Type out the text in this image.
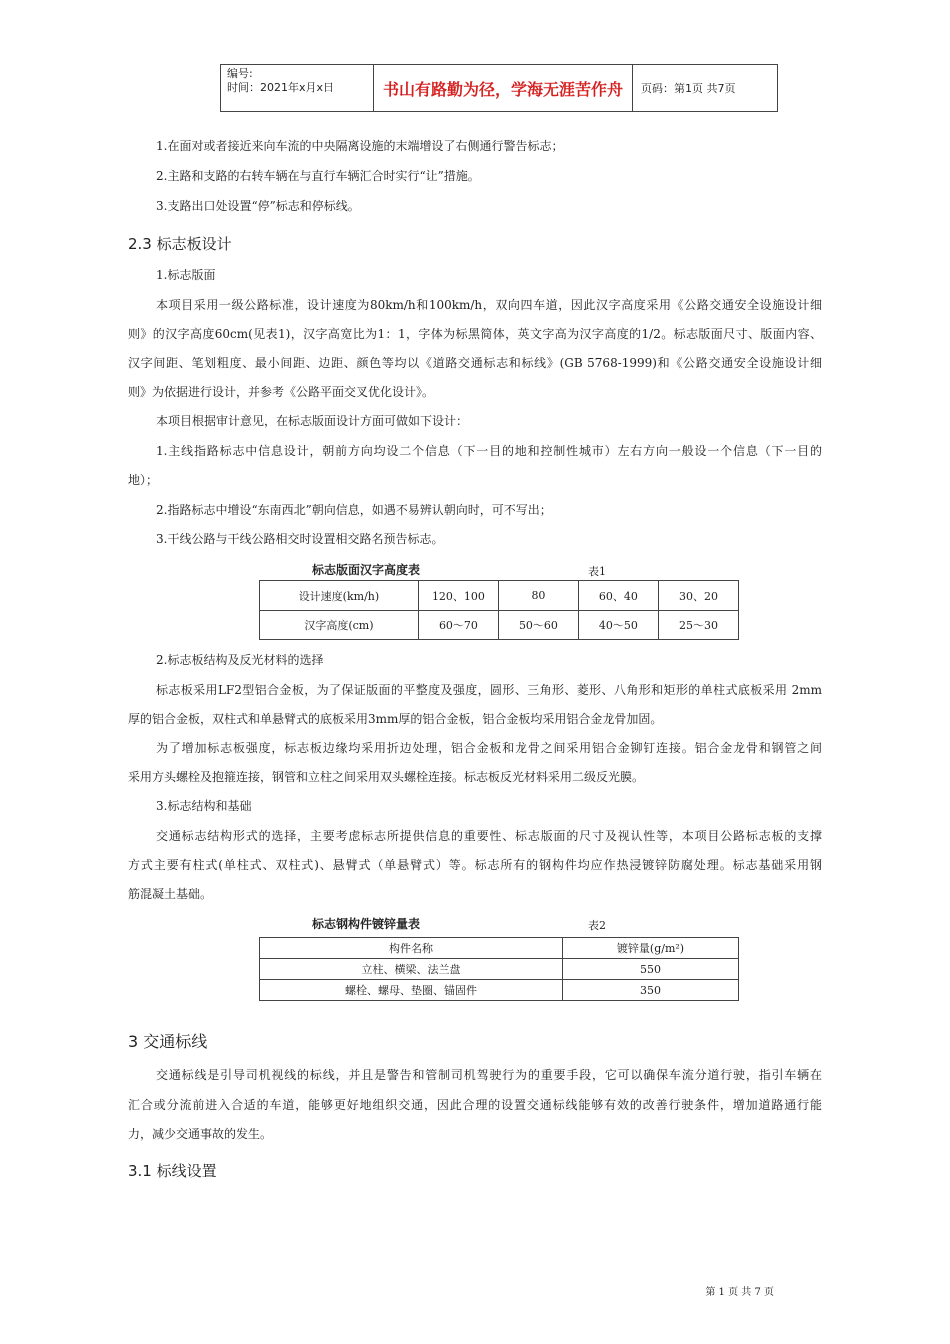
编号:
时间：2021年x月x日	书山有路勤为径，学海无涯苦作舟	页码：第1页 共7页
1.在面对或者接近来向车流的中央隔离设施的末端增设了右侧通行警告标志；
2.主路和支路的右转车辆在与直行车辆汇合时实行“让”措施。
3.支路出口处设置“停”标志和停标线。
2.3 标志板设计
1.标志版面
本项目采用一级公路标准，设计速度为80km/h和100km/h，双向四车道，因此汉字高度采用《公路交通安全设施设计细
则》的汉字高度60cm(见表1)，汉字高宽比为1：1，字体为标黑简体，英文字高为汉字高度的1/2。标志版面尺寸、版面内容、
汉字间距、笔划粗度、最小间距、边距、颜色等均以《道路交通标志和标线》(GB 5768-1999)和《公路交通安全设施设计细
则》为依据进行设计，并参考《公路平面交叉优化设计》。
本项目根据审计意见，在标志版面设计方面可做如下设计：
1.主线指路标志中信息设计，朝前方向均设二个信息（下一目的地和控制性城市）左右方向一般设一个信息（下一目的
地）；
2.指路标志中增设“东南西北”朝向信息，如遇不易辨认朝向时，可不写出；
3.干线公路与干线公路相交时设置相交路名预告标志。
标志版面汉字高度表	表1
设计速度(km/h)	120、100	80	60、40	30、20
汉字高度(cm)	60～70	50～60	40～50	25～30
2.标志板结构及反光材料的选择
标志板采用LF2型铝合金板，为了保证版面的平整度及强度，圆形、三角形、菱形、八角形和矩形的单柱式底板采用 2mm
厚的铝合金板，双柱式和单悬臂式的底板采用3mm厚的铝合金板，铝合金板均采用铝合金龙骨加固。
为了增加标志板强度，标志板边缘均采用折边处理，铝合金板和龙骨之间采用铝合金铆钉连接。铝合金龙骨和钢管之间
采用方头螺栓及抱箍连接，钢管和立柱之间采用双头螺栓连接。标志板反光材料采用二级反光膜。
3.标志结构和基础
交通标志结构形式的选择，主要考虑标志所提供信息的重要性、标志版面的尺寸及视认性等，本项目公路标志板的支撑
方式主要有柱式(单柱式、双柱式)、悬臂式（单悬臂式）等。标志所有的钢构件均应作热浸镀锌防腐处理。标志基础采用钢
筋混凝土基础。
标志钢构件镀锌量表	表2
构件名称	镀锌量(g/m²)
立柱、横梁、法兰盘	550
螺栓、螺母、垫圈、锚固件	350
3 交通标线
交通标线是引导司机视线的标线，并且是警告和管制司机驾驶行为的重要手段，它可以确保车流分道行驶，指引车辆在
汇合或分流前进入合适的车道，能够更好地组织交通，因此合理的设置交通标线能够有效的改善行驶条件，增加道路通行能
力，减少交通事故的发生。
3.1 标线设置
第 1 页 共 7 页
